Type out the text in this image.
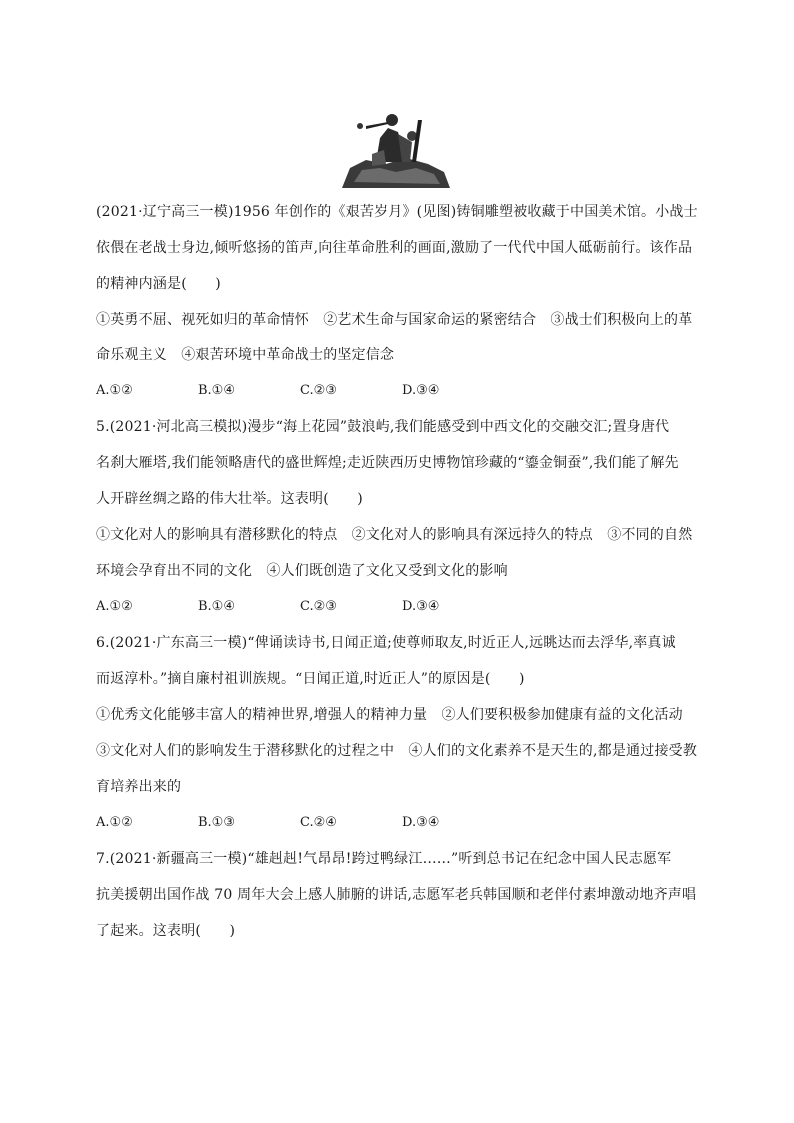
(2021·辽宁高三一模)1956 年创作的《艰苦岁月》(见图)铸铜雕塑被收藏于中国美术馆。小战士
依偎在老战士身边,倾听悠扬的笛声,向往革命胜利的画面,激励了一代代中国人砥砺前行。该作品
的精神内涵是(　　)
①英勇不屈、视死如归的革命情怀　②艺术生命与国家命运的紧密结合　③战士们积极向上的革
命乐观主义　④艰苦环境中革命战士的坚定信念
A.①②	B.①④	C.②③	D.③④
5.(2021·河北高三模拟)漫步“海上花园”鼓浪屿,我们能感受到中西文化的交融交汇;置身唐代
名刹大雁塔,我们能领略唐代的盛世辉煌;走近陕西历史博物馆珍藏的“鎏金铜蚕”,我们能了解先
人开辟丝绸之路的伟大壮举。这表明(　　)
①文化对人的影响具有潜移默化的特点　②文化对人的影响具有深远持久的特点　③不同的自然
环境会孕育出不同的文化　④人们既创造了文化又受到文化的影响
A.①②	B.①④	C.②③	D.③④
6.(2021·广东高三一模)“俾诵读诗书,日闻正道;使尊师取友,时近正人,远眺达而去浮华,率真诚
而返淳朴。”摘自廉村祖训族规。“日闻正道,时近正人”的原因是(　　)
①优秀文化能够丰富人的精神世界,增强人的精神力量　②人们要积极参加健康有益的文化活动
③文化对人们的影响发生于潜移默化的过程之中　④人们的文化素养不是天生的,都是通过接受教
育培养出来的
A.①②	B.①③	C.②④	D.③④
7.(2021·新疆高三一模)“雄赳赳!气昂昂!跨过鸭绿江……”听到总书记在纪念中国人民志愿军
抗美援朝出国作战 70 周年大会上感人肺腑的讲话,志愿军老兵韩国顺和老伴付素坤激动地齐声唱
了起来。这表明(　　)
